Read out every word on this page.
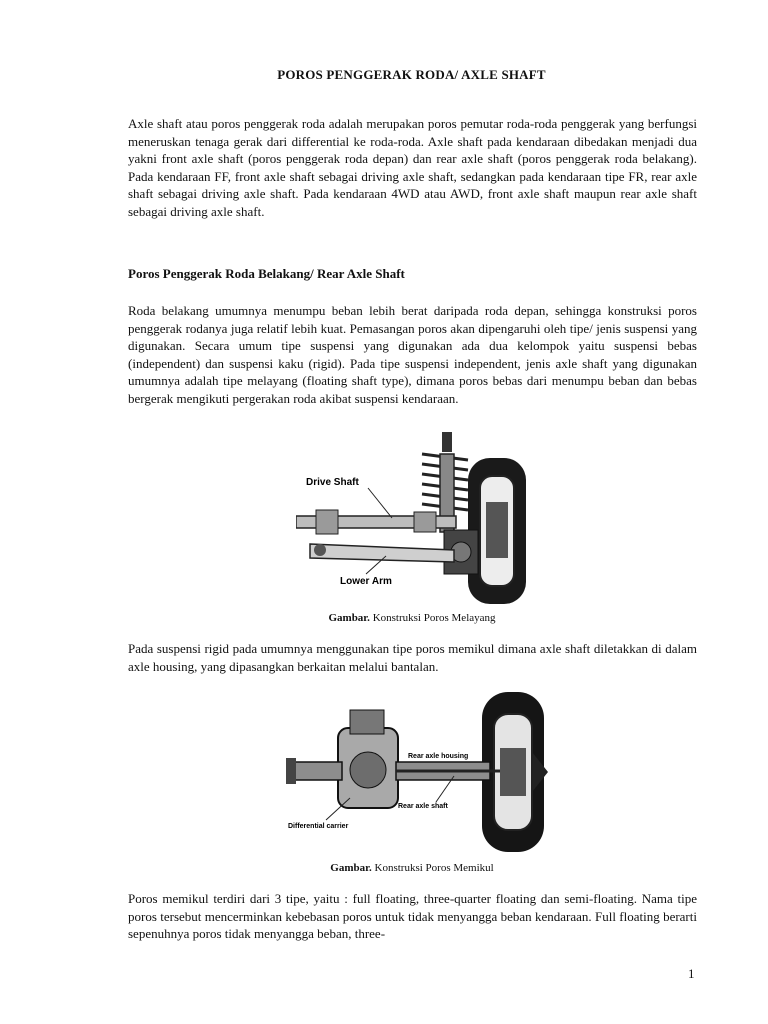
POROS PENGGERAK RODA/ AXLE SHAFT

Axle shaft atau poros penggerak roda adalah merupakan poros pemutar roda-roda penggerak yang berfungsi meneruskan tenaga gerak dari differential ke roda-roda. Axle shaft pada kendaraan dibedakan menjadi dua yakni front axle shaft (poros penggerak roda depan) dan rear axle shaft (poros penggerak roda belakang). Pada kendaraan FF, front axle shaft sebagai driving axle shaft, sedangkan pada kendaraan tipe FR, rear axle shaft sebagai driving axle shaft. Pada kendaraan 4WD atau AWD, front axle shaft maupun rear axle shaft sebagai driving axle shaft.

Poros Penggerak Roda Belakang/ Rear Axle Shaft

Roda belakang umumnya menumpu beban lebih berat daripada roda depan, sehingga konstruksi poros penggerak rodanya juga relatif lebih kuat. Pemasangan poros akan dipengaruhi oleh tipe/ jenis suspensi yang digunakan. Secara umum tipe suspensi yang digunakan ada dua kelompok yaitu suspensi bebas (independent) dan suspensi kaku (rigid). Pada tipe suspensi independent, jenis axle shaft yang digunakan umumnya adalah tipe melayang (floating shaft type), dimana poros bebas dari menumpu beban dan bebas bergerak mengikuti pergerakan roda akibat suspensi kendaraan.

Drive Shaft
Lower Arm
Gambar. Konstruksi Poros Melayang

Pada suspensi rigid pada umumnya menggunakan tipe poros memikul dimana axle shaft diletakkan di dalam axle housing, yang dipasangkan berkaitan melalui bantalan.

Rear axle housing
Rear axle shaft
Differential carrier
Gambar. Konstruksi Poros Memikul

Poros memikul terdiri dari 3 tipe, yaitu : full floating, three-quarter floating dan semi-floating. Nama tipe poros tersebut mencerminkan kebebasan poros untuk tidak menyangga beban kendaraan. Full floating berarti sepenuhnya poros tidak menyangga beban, three-

1
